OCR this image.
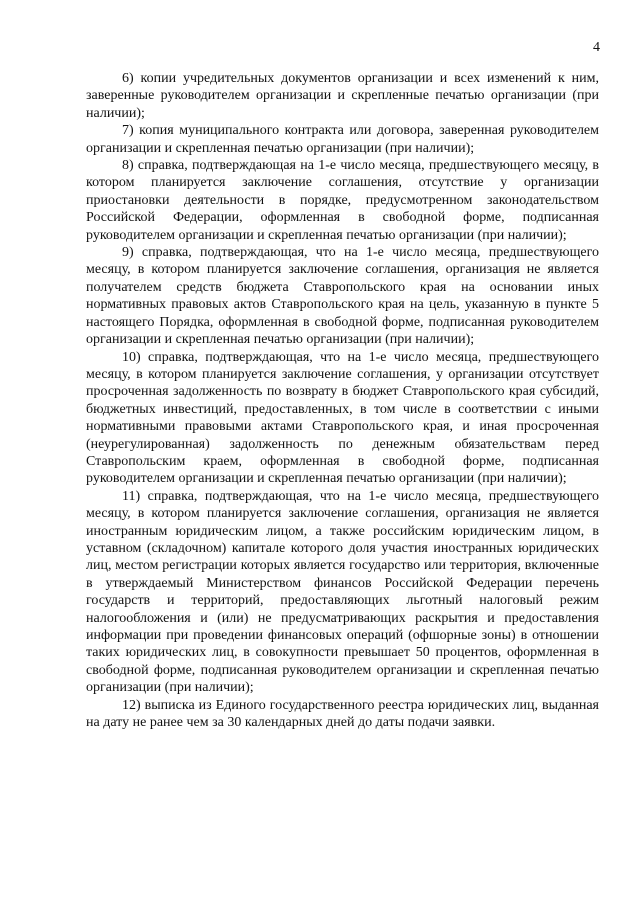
4

6) копии учредительных документов организации и всех изменений к ним, заверенные руководителем организации и скрепленные печатью организации (при наличии);

7) копия муниципального контракта или договора, заверенная руководителем организации и скрепленная печатью организации (при наличии);

8) справка, подтверждающая на 1-е число месяца, предшествующего месяцу, в котором планируется заключение соглашения, отсутствие у организации приостановки деятельности в порядке, предусмотренном законодательством Российской Федерации, оформленная в свободной форме, подписанная руководителем организации и скрепленная печатью организации (при наличии);

9) справка, подтверждающая, что на 1-е число месяца, предшествующего месяцу, в котором планируется заключение соглашения, организация не является получателем средств бюджета Ставропольского края на основании иных нормативных правовых актов Ставропольского края на цель, указанную в пункте 5 настоящего Порядка, оформленная в свободной форме, подписанная руководителем организации и скрепленная печатью организации (при наличии);

10) справка, подтверждающая, что на 1-е число месяца, предшествующего месяцу, в котором планируется заключение соглашения, у организации отсутствует просроченная задолженность по возврату в бюджет Ставропольского края субсидий, бюджетных инвестиций, предоставленных, в том числе в соответствии с иными нормативными правовыми актами Ставропольского края, и иная просроченная (неурегулированная) задолженность по денежным обязательствам перед Ставропольским краем, оформленная в свободной форме, подписанная руководителем организации и скрепленная печатью организации (при наличии);

11) справка, подтверждающая, что на 1-е число месяца, предшествующего месяцу, в котором планируется заключение соглашения, организация не является иностранным юридическим лицом, а также российским юридическим лицом, в уставном (складочном) капитале которого доля участия иностранных юридических лиц, местом регистрации которых является государство или территория, включенные в утверждаемый Министерством финансов Российской Федерации перечень государств и территорий, предоставляющих льготный налоговый режим налогообложения и (или) не предусматривающих раскрытия и предоставления информации при проведении финансовых операций (офшорные зоны) в отношении таких юридических лиц, в совокупности превышает 50 процентов, оформленная в свободной форме, подписанная руководителем организации и скрепленная печатью организации (при наличии);

12) выписка из Единого государственного реестра юридических лиц, выданная на дату не ранее чем за 30 календарных дней до даты подачи заявки.
